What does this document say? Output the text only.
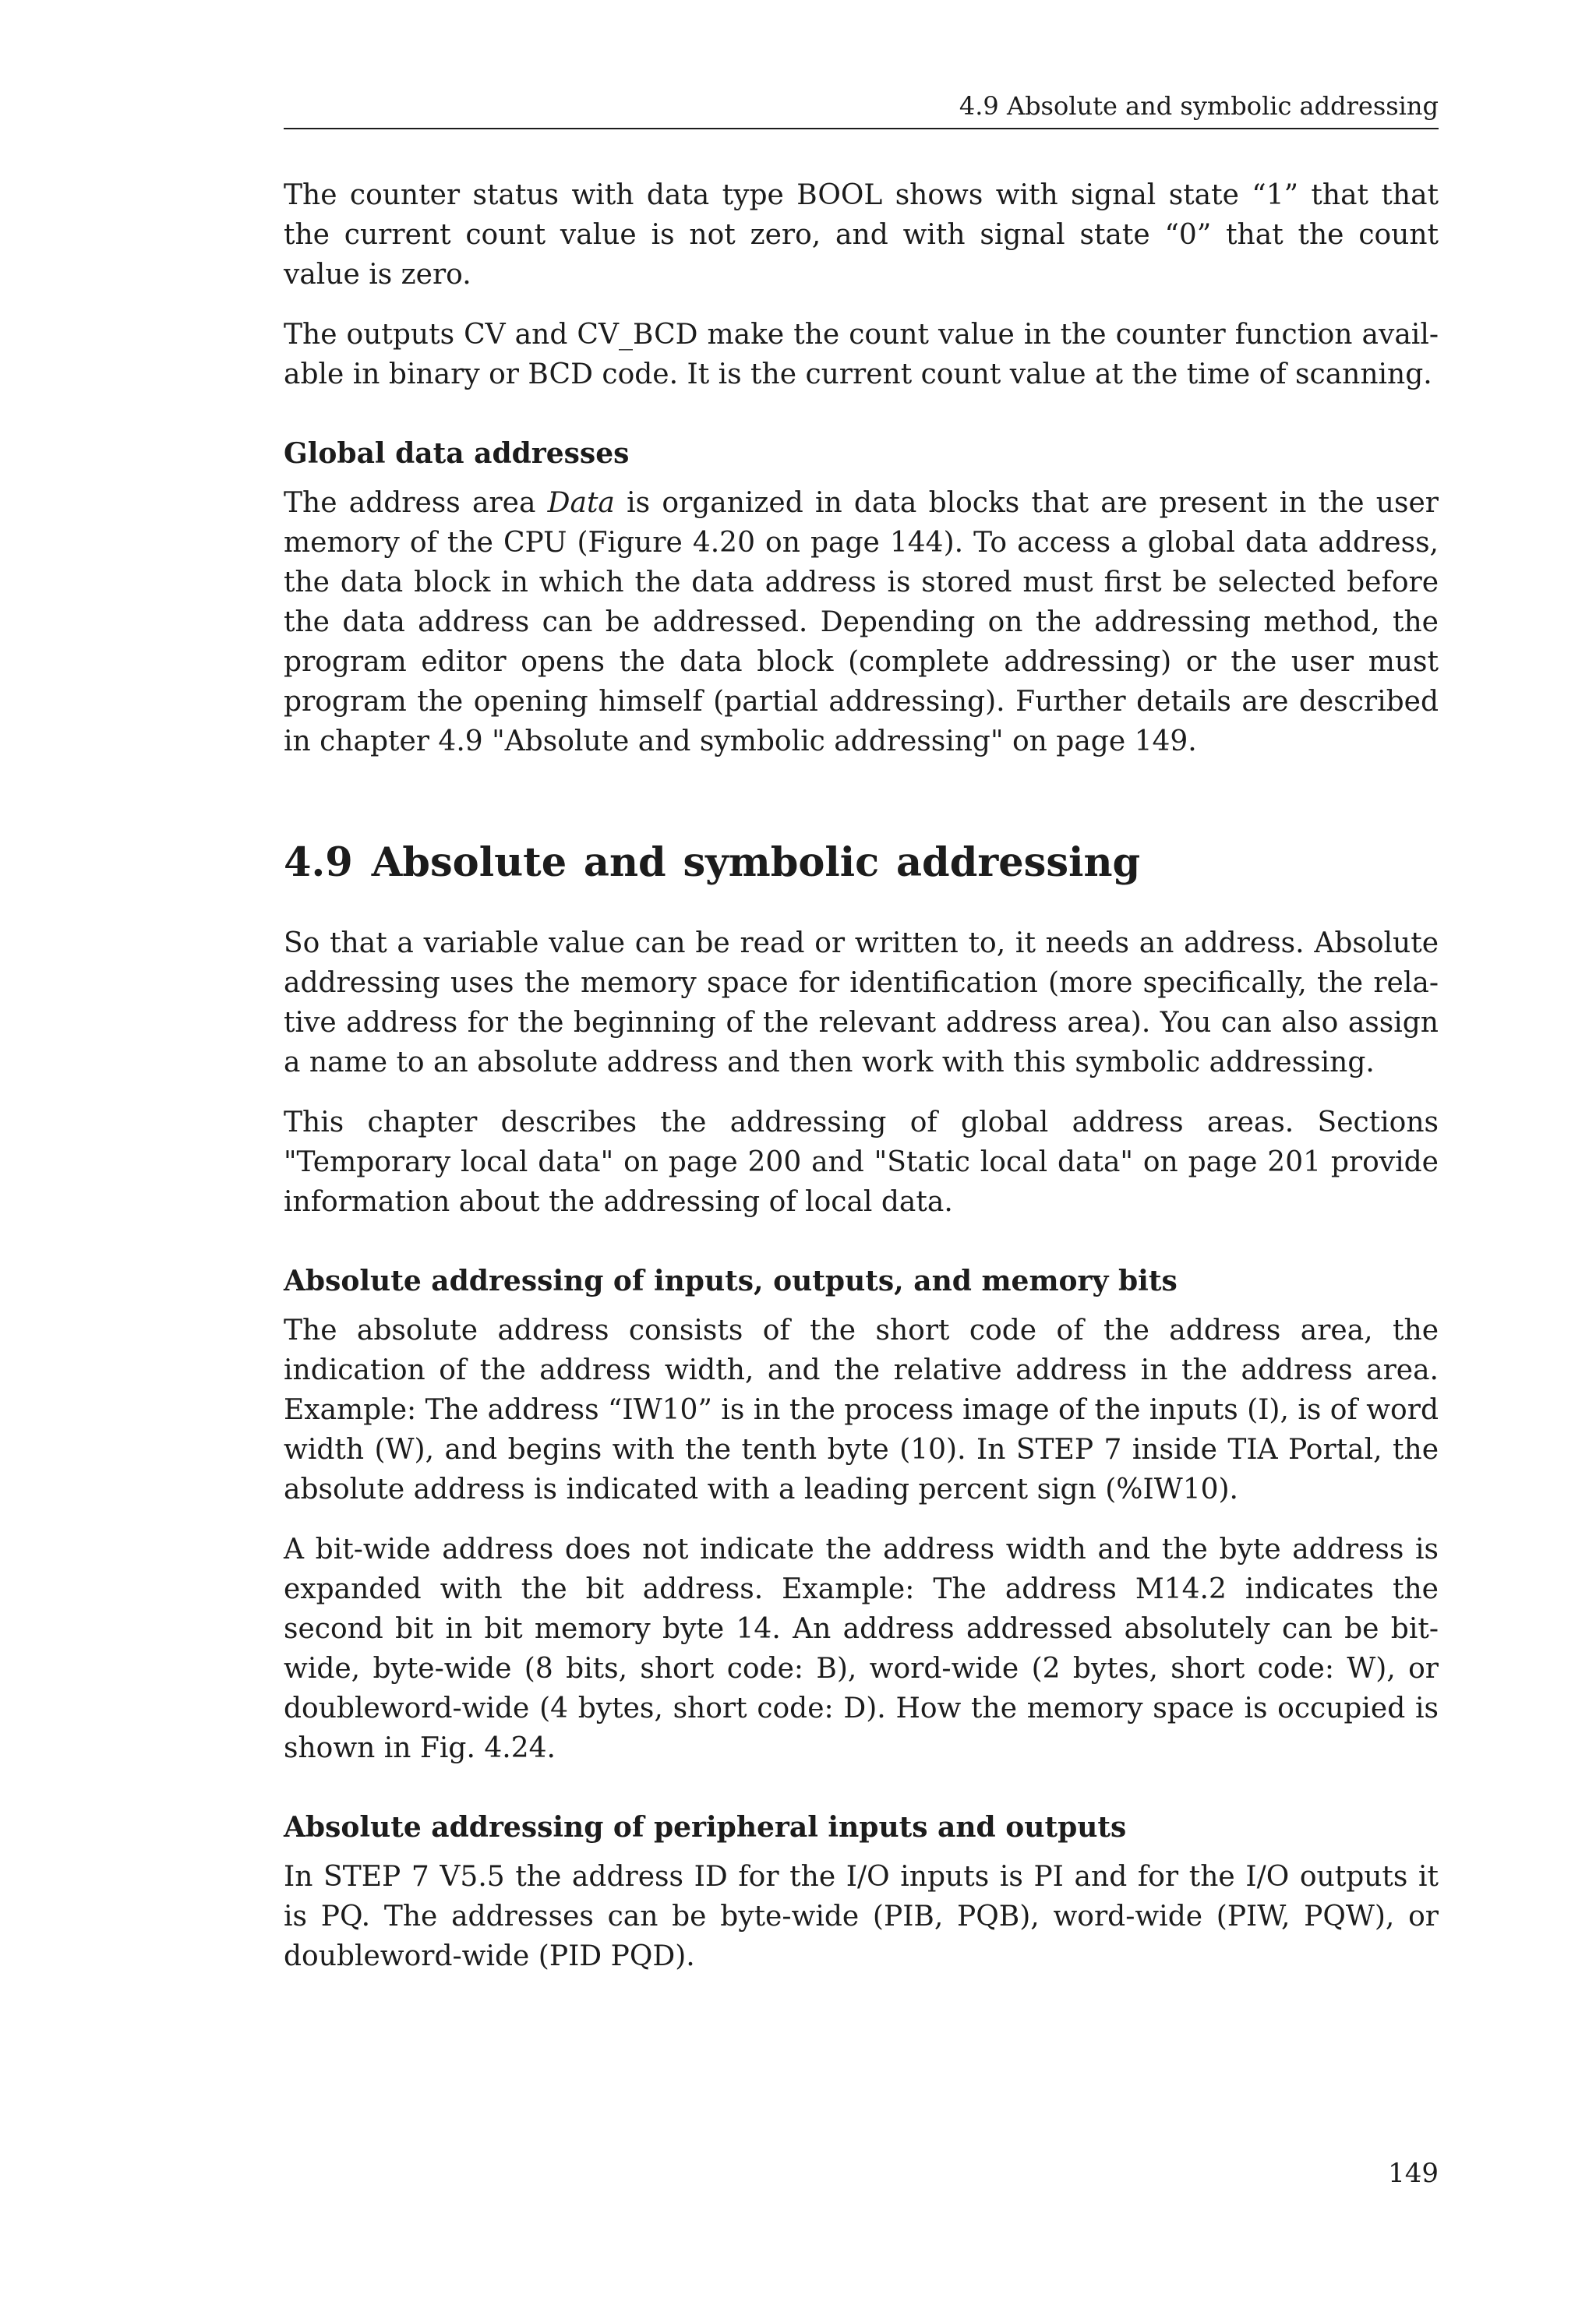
4.9 Absolute and symbolic addressing

The counter status with data type BOOL shows with signal state “1” that that the current count value is not zero, and with signal state “0” that the count value is zero.

The outputs CV and CV_BCD make the count value in the counter function available in binary or BCD code. It is the current count value at the time of scanning.

Global data addresses

The address area Data is organized in data blocks that are present in the user memory of the CPU (Figure 4.20 on page 144). To access a global data address, the data block in which the data address is stored must first be selected before the data address can be addressed. Depending on the addressing method, the program editor opens the data block (complete addressing) or the user must program the opening himself (partial addressing). Further details are described in chapter 4.9 "Absolute and symbolic addressing" on page 149.

4.9 Absolute and symbolic addressing

So that a variable value can be read or written to, it needs an address. Absolute addressing uses the memory space for identification (more specifically, the relative address for the beginning of the relevant address area). You can also assign a name to an absolute address and then work with this symbolic addressing.

This chapter describes the addressing of global address areas. Sections "Temporary local data" on page 200 and "Static local data" on page 201 provide information about the addressing of local data.

Absolute addressing of inputs, outputs, and memory bits

The absolute address consists of the short code of the address area, the indication of the address width, and the relative address in the address area. Example: The address “IW10” is in the process image of the inputs (I), is of word width (W), and begins with the tenth byte (10). In STEP 7 inside TIA Portal, the absolute address is indicated with a leading percent sign (%IW10).

A bit-wide address does not indicate the address width and the byte address is expanded with the bit address. Example: The address M14.2 indicates the second bit in bit memory byte 14. An address addressed absolutely can be bit-wide, byte-wide (8 bits, short code: B), word-wide (2 bytes, short code: W), or doubleword-wide (4 bytes, short code: D). How the memory space is occupied is shown in Fig. 4.24.

Absolute addressing of peripheral inputs and outputs

In STEP 7 V5.5 the address ID for the I/O inputs is PI and for the I/O outputs it is PQ. The addresses can be byte-wide (PIB, PQB), word-wide (PIW, PQW), or doubleword-wide (PID PQD).

149
